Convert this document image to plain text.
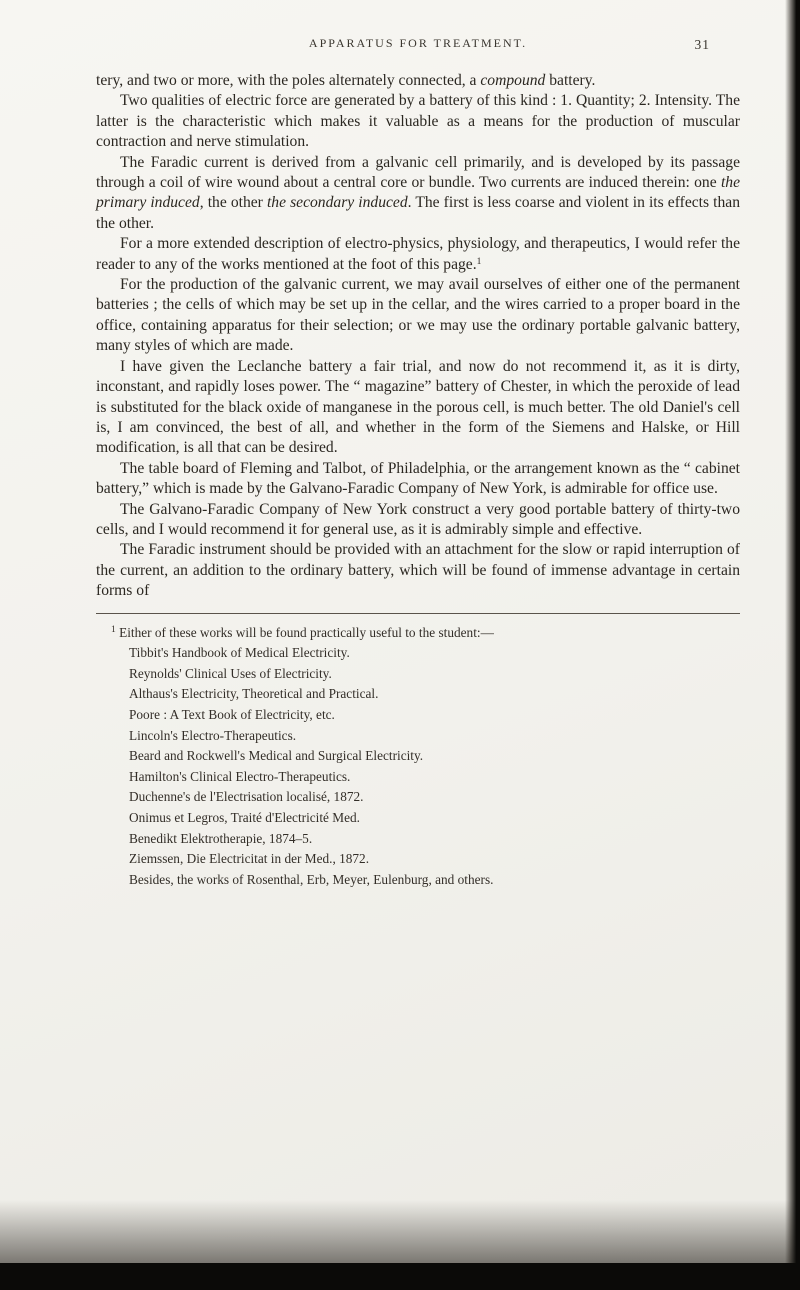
APPARATUS FOR TREATMENT.	31

tery, and two or more, with the poles alternately connected, a compound battery.

Two qualities of electric force are generated by a battery of this kind : 1. Quantity; 2. Intensity. The latter is the characteristic which makes it valuable as a means for the production of muscular contraction and nerve stimulation.

The Faradic current is derived from a galvanic cell primarily, and is developed by its passage through a coil of wire wound about a central core or bundle. Two currents are induced therein: one the primary induced, the other the secondary induced. The first is less coarse and violent in its effects than the other.

For a more extended description of electro-physics, physiology, and therapeutics, I would refer the reader to any of the works mentioned at the foot of this page.$^1$

For the production of the galvanic current, we may avail ourselves of either one of the permanent batteries ; the cells of which may be set up in the cellar, and the wires carried to a proper board in the office, containing apparatus for their selection; or we may use the ordinary portable galvanic battery, many styles of which are made.

I have given the Leclanche battery a fair trial, and now do not recommend it, as it is dirty, inconstant, and rapidly loses power. The “ magazine” battery of Chester, in which the peroxide of lead is substituted for the black oxide of manganese in the porous cell, is much better. The old Daniel's cell is, I am convinced, the best of all, and whether in the form of the Siemens and Halske, or Hill modification, is all that can be desired.

The table board of Fleming and Talbot, of Philadelphia, or the arrangement known as the “ cabinet battery,” which is made by the Galvano-Faradic Company of New York, is admirable for office use.

The Galvano-Faradic Company of New York construct a very good portable battery of thirty-two cells, and I would recommend it for general use, as it is admirably simple and effective.

The Faradic instrument should be provided with an attachment for the slow or rapid interruption of the current, an addition to the ordinary battery, which will be found of immense advantage in certain forms of

$^1$ Either of these works will be found practically useful to the student:—
Tibbit's Handbook of Medical Electricity.
Reynolds' Clinical Uses of Electricity.
Althaus's Electricity, Theoretical and Practical.
Poore : A Text Book of Electricity, etc.
Lincoln's Electro-Therapeutics.
Beard and Rockwell's Medical and Surgical Electricity.
Hamilton's Clinical Electro-Therapeutics.
Duchenne's de l'Electrisation localisé, 1872.
Onimus et Legros, Traité d'Electricité Med.
Benedikt Elektrotherapie, 1874–5.
Ziemssen, Die Electricitat in der Med., 1872.
Besides, the works of Rosenthal, Erb, Meyer, Eulenburg, and others.
